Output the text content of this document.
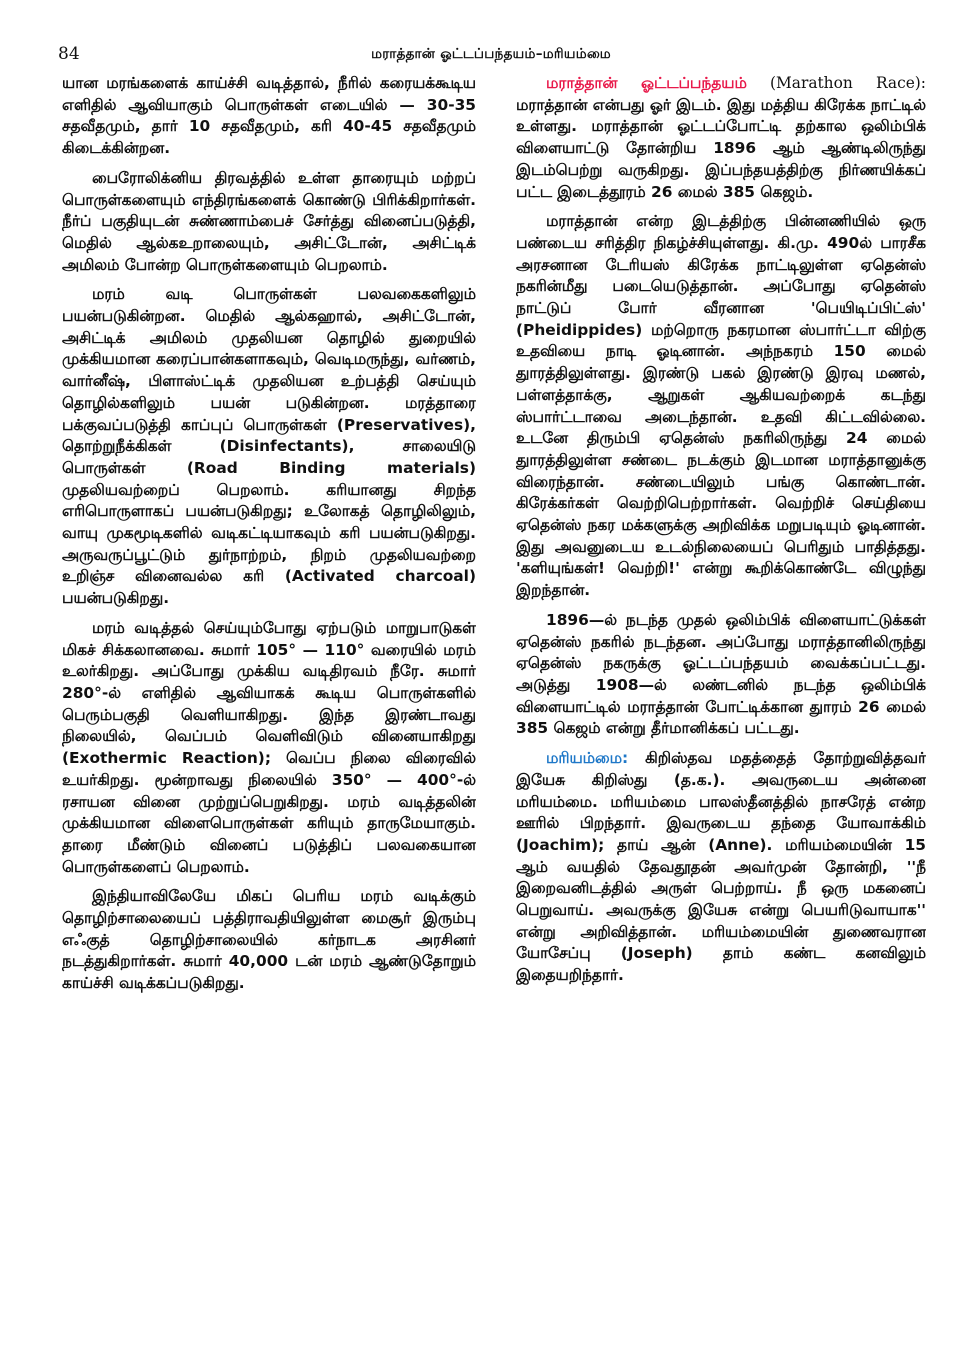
84	மராத்தான் ஓட்டப்பந்தயம்–மரியம்மை

யான மரங்களைக் காய்ச்சி வடித்தால், நீரில் கரையக்கூடிய எளிதில் ஆவியாகும் பொருள்கள் எடையில் — 30-35 சதவீதமும், தார் 10 சதவீதமும், கரி 40-45 சதவீதமும் கிடைக்கின்றன.

பைரோலிக்னிய திரவத்தில் உள்ள தாரையும் மற்றப் பொருள்களையும் எந்திரங்களைக் கொண்டு பிரிக்கிறார்கள். நீர்ப் பகுதியுடன் சுண்ணாம்பைச் சேர்த்து வினைப்படுத்தி, மெதில் ஆல்கஉறாலையும், அசிட்டோன், அசிட்டிக் அமிலம் போன்ற பொருள்களையும் பெறலாம்.

மரம் வடி பொருள்கள் பலவகைகளிலும் பயன்படுகின்றன. மெதில் ஆல்கஹால், அசிட்டோன், அசிட்டிக் அமிலம் முதலியன தொழில் துறையில் முக்கியமான கரைப்பான்களாகவும், வெடிமருந்து, வர்ணம், வார்னீஷ், பிளாஸ்ட்டிக் முதலியன உற்பத்தி செய்யும் தொழில்களிலும் பயன் படுகின்றன. மரத்தாரை பக்குவப்படுத்தி காப்புப் பொருள்கள் (Preservatives), தொற்றுநீக்கிகள் (Disinfectants), சாலையிடு பொருள்கள் (Road Binding materials) முதலியவற்றைப் பெறலாம். கரியானது சிறந்த எரிபொருளாகப் பயன்படுகிறது; உலோகத் தொழிலிலும், வாயு முகமூடிகளில் வடிகட்டியாகவும் கரி பயன்படுகிறது. அருவருப்பூட்டும் துர்நாற்றம், நிறம் முதலியவற்றை உறிஞ்ச வினைவல்ல கரி (Activated charcoal) பயன்படுகிறது.

மரம் வடித்தல் செய்யும்போது ஏற்படும் மாறுபாடுகள் மிகச் சிக்கலானவை. சுமார் 105° — 110° வரையில் மரம் உலர்கிறது. அப்போது முக்கிய வடிதிரவம் நீரே. சுமார் 280°-ல் எளிதில் ஆவியாகக் கூடிய பொருள்களில் பெரும்பகுதி வெளியாகிறது. இந்த இரண்டாவது நிலையில், வெப்பம் வெளிவிடும் வினையாகிறது (Exothermic Reaction); வெப்ப நிலை விரைவில் உயர்கிறது. மூன்றாவது நிலையில் 350° — 400°-ல் ரசாயன வினை முற்றுப்பெறுகிறது. மரம் வடித்தலின் முக்கியமான விளைபொருள்கள் கரியும் தாருமேயாகும். தாரை மீண்டும் வினைப் படுத்திப் பலவகையான பொருள்களைப் பெறலாம்.

இந்தியாவிலேயே மிகப் பெரிய மரம் வடிக்கும் தொழிற்சாலையைப் பத்திராவதியிலுள்ள மைசூர் இரும்பு எஃகுத் தொழிற்சாலையில் கர்நாடக அரசினர் நடத்துகிறார்கள். சுமார் 40,000 டன் மரம் ஆண்டுதோறும் காய்ச்சி வடிக்கப்படுகிறது.

மராத்தான் ஓட்டப்பந்தயம் (Marathon Race): மராத்தான் என்பது ஓர் இடம். இது மத்திய கிரேக்க நாட்டில் உள்ளது. மராத்தான் ஓட்டப்போட்டி தற்கால ஒலிம்பிக் விளையாட்டு தோன்றிய 1896 ஆம் ஆண்டிலிருந்து இடம்பெற்று வருகிறது. இப்பந்தயத்திற்கு நிர்ணயிக்கப் பட்ட இடைத்தூரம் 26 மைல் 385 கெஜம்.

மராத்தான் என்ற இடத்திற்கு பின்னணியில் ஒரு பண்டைய சரித்திர நிகழ்ச்சியுள்ளது. கி.மு. 490ல் பாரசீக அரசனான டேரியஸ் கிரேக்க நாட்டிலுள்ள ஏதென்ஸ் நகரின்மீது படையெடுத்தான். அப்போது ஏதென்ஸ் நாட்டுப் போர் வீரனான 'பெயிடிப்பிட்ஸ்' (Pheidippides) மற்றொரு நகரமான ஸ்பார்ட்டா விற்கு உதவியை நாடி ஓடினான். அந்நகரம் 150 மைல் துாரத்திலுள்ளது. இரண்டு பகல் இரண்டு இரவு மணல், பள்ளத்தாக்கு, ஆறுகள் ஆகியவற்றைக் கடந்து ஸ்பார்ட்டாவை அடைந்தான். உதவி கிட்டவில்லை. உடனே திரும்பி ஏதென்ஸ் நகரிலிருந்து 24 மைல் துாரத்திலுள்ள சண்டை நடக்கும் இடமான மராத்தானுக்கு விரைந்தான். சண்டையிலும் பங்கு கொண்டான். கிரேக்கர்கள் வெற்றிபெற்றார்கள். வெற்றிச் செய்தியை ஏதென்ஸ் நகர மக்களுக்கு அறிவிக்க மறுபடியும் ஓடினான். இது அவனுடைய உடல்நிலையைப் பெரிதும் பாதித்தது. 'களியுங்கள்! வெற்றி!' என்று கூறிக்கொண்டே விழுந்து இறந்தான்.

1896—ல் நடந்த முதல் ஒலிம்பிக் விளையாட்டுக்கள் ஏதென்ஸ் நகரில் நடந்தன. அப்போது மராத்தானிலிருந்து ஏதென்ஸ் நகருக்கு ஓட்டப்பந்தயம் வைக்கப்பட்டது. அடுத்து 1908—ல் லண்டனில் நடந்த ஒலிம்பிக் விளையாட்டில் மராத்தான் போட்டிக்கான துாரம் 26 மைல் 385 கெஜம் என்று தீர்மானிக்கப் பட்டது.

மரியம்மை: கிறிஸ்தவ மதத்தைத் தோற்றுவித்தவர் இயேசு கிறிஸ்து (த.க.). அவருடைய அன்னை மரியம்மை. மரியம்மை பாலஸ்தீனத்தில் நாசரேத் என்ற ஊரில் பிறந்தார். இவருடைய தந்தை யோவாக்கிம் (Joachim); தாய் ஆன் (Anne). மரியம்மையின் 15 ஆம் வயதில் தேவதூதன் அவர்முன் தோன்றி, ''நீ இறைவனிடத்தில் அருள் பெற்றாய். நீ ஒரு மகனைப் பெறுவாய். அவருக்கு இயேசு என்று பெயரிடுவாயாக'' என்று அறிவித்தான். மரியம்மையின் துணைவரான யோசேப்பு (Joseph) தாம் கண்ட கனவிலும் இதையறிந்தார்.
